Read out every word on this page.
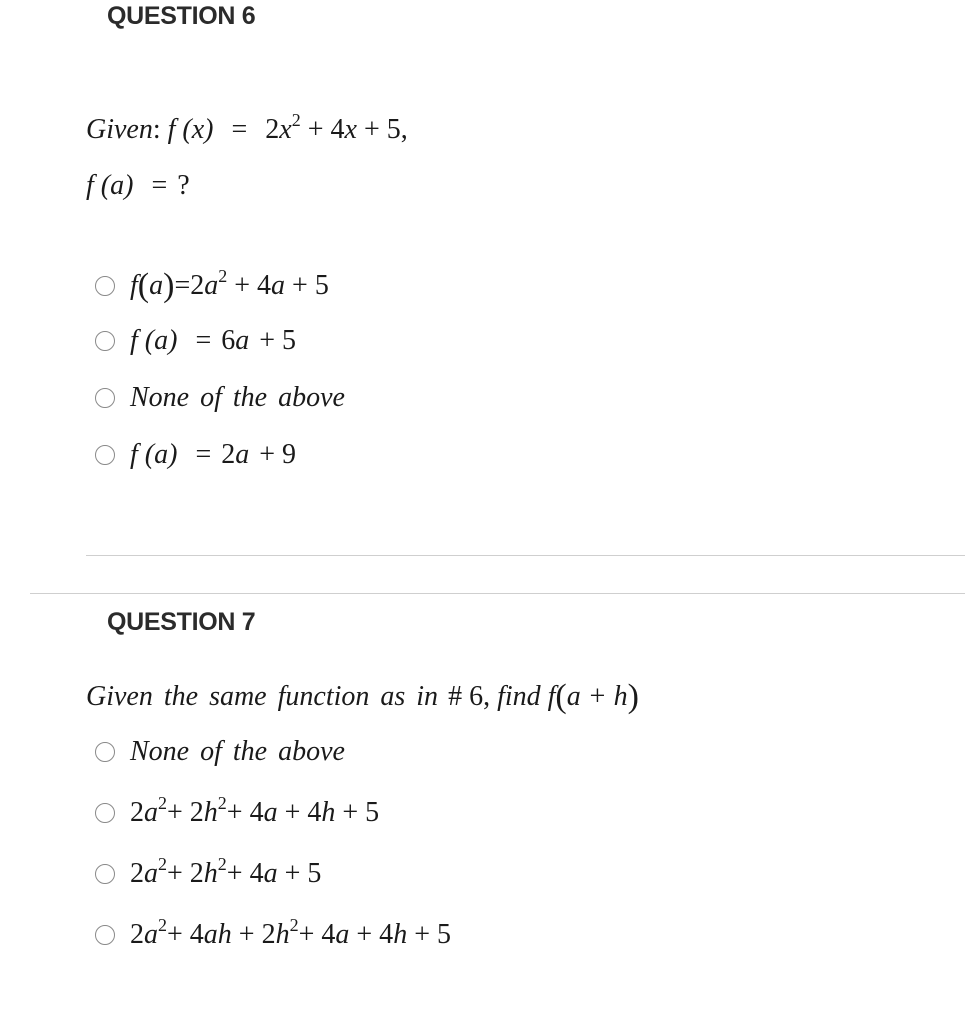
QUESTION 6
Given: f $(x) = 2x^2 + 4x + 5$,
f (a) = ?
$f(a)=2a^2 + 4a + 5$
f (a) = 6a + 5
None of the above
f (a) = 2a + 9
QUESTION 7
Given the same function as in # 6, find f(a + h)
None of the above
$2a^2+ 2h^2+ 4a + 4h + 5$
$2a^2+ 2h^2+ 4a + 5$
$2a^2+ 4ah + 2h^2+ 4a + 4h + 5$
